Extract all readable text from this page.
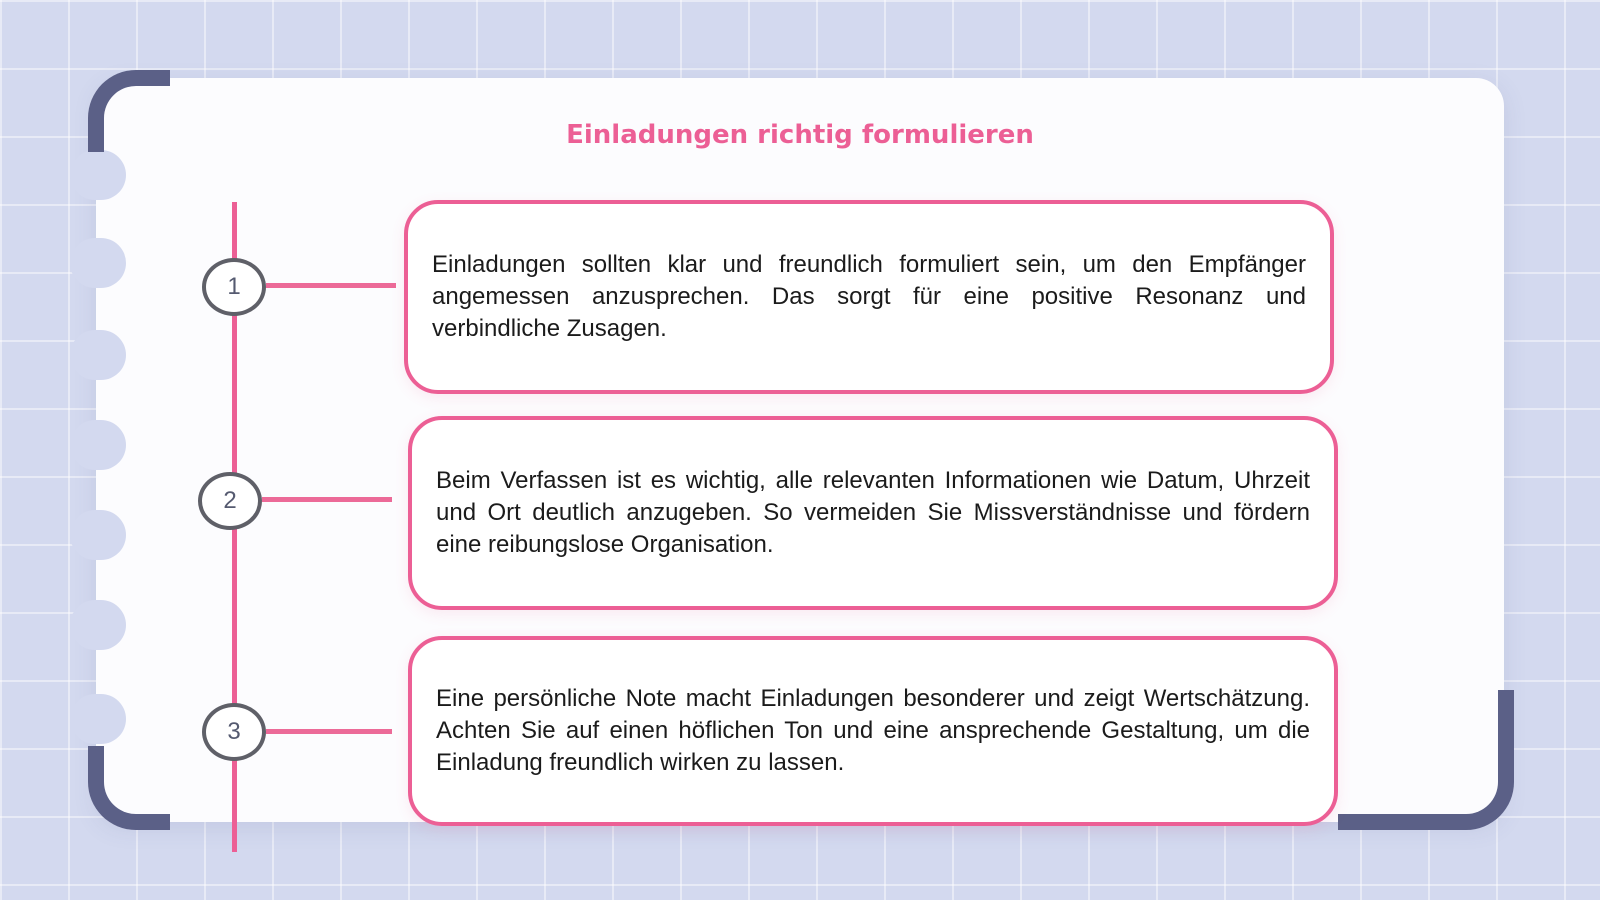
Einladungen richtig formulieren
1

Einladungen sollten klar und freundlich formuliert sein, um den Empfänger angemessen anzusprechen. Das sorgt für eine positive Resonanz und verbindliche Zusagen.

2

Beim Verfassen ist es wichtig, alle relevanten Informationen wie Datum, Uhrzeit und Ort deutlich anzugeben. So vermeiden Sie Missverständnisse und fördern eine reibungslose Organisation.

3

Eine persönliche Note macht Einladungen besonderer und zeigt Wertschätzung. Achten Sie auf einen höflichen Ton und eine ansprechende Gestaltung, um die Einladung freundlich wirken zu lassen.
